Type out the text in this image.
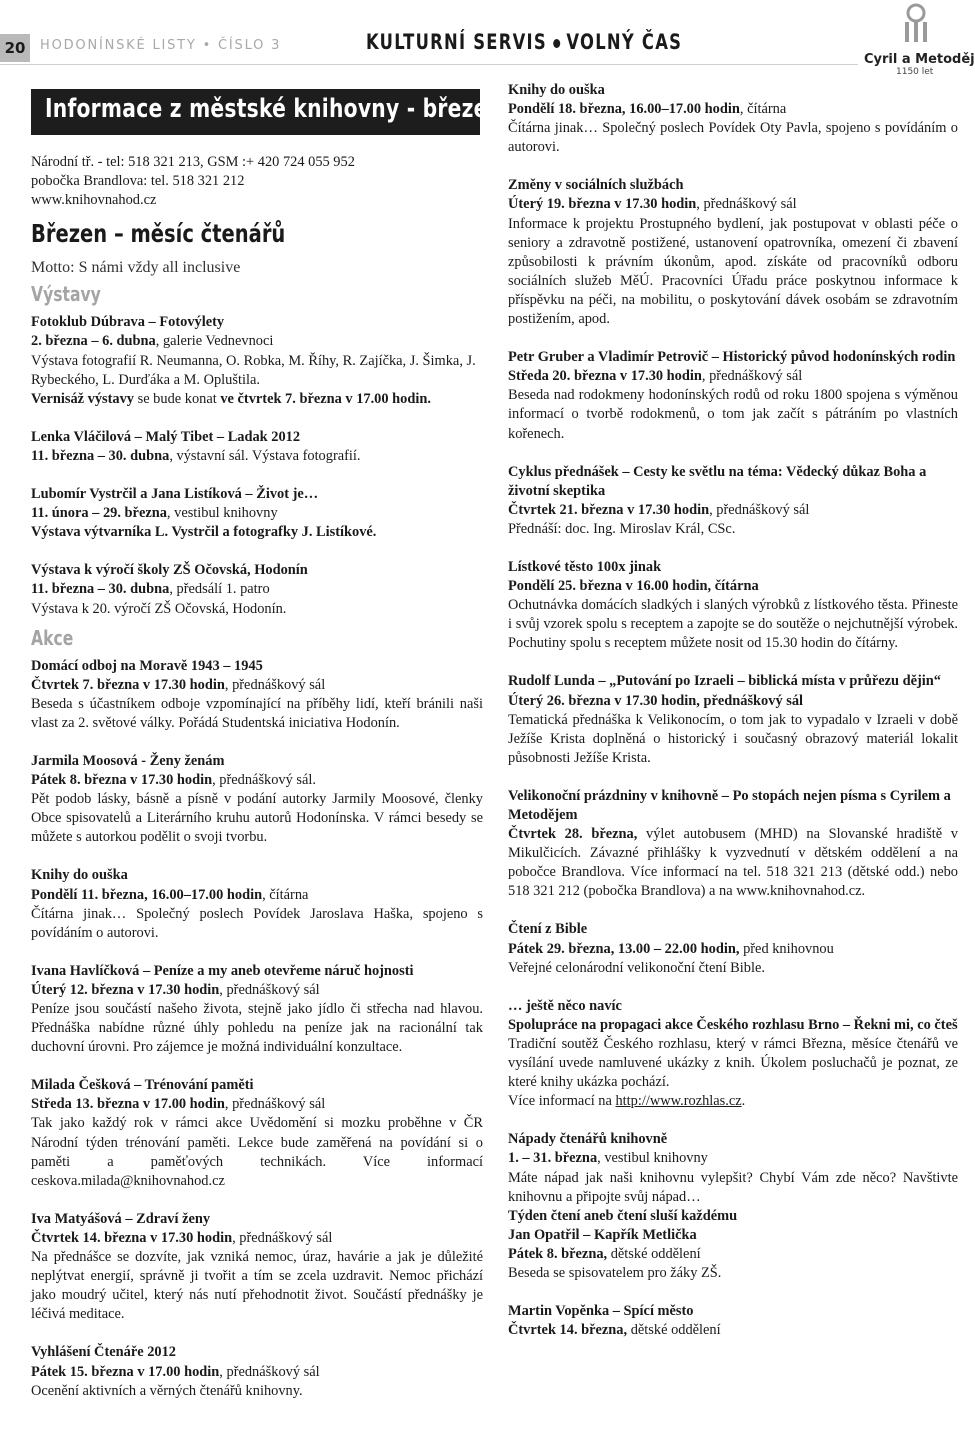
20	HODONÍNSKÉ LISTY • ČÍSLO 3	KULTURNÍ SERVIS VOLNÝ ČAS
Cyril a Metoděj
1150 let
Informace z městské knihovny - březen

Národní tř. - tel: 518 321 213, GSM :+ 420 724 055 952

pobočka Brandlova: tel. 518 321 212

www.knihovnahod.cz

Březen – měsíc čtenářů

Motto: S námi vždy all inclusive

Výstavy

Fotoklub Dúbrava – Fotovýlety

2. března – 6. dubna, galerie Vednevnoci

Výstava fotografií R. Neumanna, O. Robka, M. Říhy, R. Zajíčka, J. Šimka, J. Rybeckého, L. Durďáka a M. Opluštila.

Vernisáž výstavy se bude konat ve čtvrtek 7. března v 17.00 hodin.

Lenka Vláčilová – Malý Tibet – Ladak 2012

11. března – 30. dubna, výstavní sál. Výstava fotografií.

Lubomír Vystrčil a Jana Listíková – Život je…

11. února – 29. března, vestibul knihovny

Výstava výtvarníka L. Vystrčil a fotografky J. Listíkové.

Výstava k výročí školy ZŠ Očovská, Hodonín

11. března – 30. dubna, předsálí 1. patro

Výstava k 20. výročí ZŠ Očovská, Hodonín.

Akce

Domácí odboj na Moravě 1943 – 1945

Čtvrtek 7. března v 17.30 hodin, přednáškový sál

Beseda s účastníkem odboje vzpomínající na příběhy lidí, kteří bránili naši vlast za 2. světové války. Pořádá Studentská iniciativa Hodonín.

Jarmila Moosová - Ženy ženám

Pátek 8. března v 17.30 hodin, přednáškový sál.

Pět podob lásky, básně a písně v podání autorky Jarmily Moosové, členky Obce spisovatelů a Literárního kruhu autorů Hodonínska. V rámci besedy se můžete s autorkou podělit o svoji tvorbu.

Knihy do ouška

Pondělí 11. března, 16.00–17.00 hodin, čítárna

Čítárna jinak… Společný poslech Povídek Jaroslava Haška, spojeno s povídáním o autorovi.

Ivana Havlíčková – Peníze a my aneb otevřeme náruč hojnosti

Úterý 12. března v 17.30 hodin, přednáškový sál

Peníze jsou součástí našeho života, stejně jako jídlo či střecha nad hlavou. Přednáška nabídne různé úhly pohledu na peníze jak na racionální tak duchovní úrovni. Pro zájemce je možná individuální konzultace.

Milada Češková – Trénování paměti

Středa 13. března v 17.00 hodin, přednáškový sál

Tak jako každý rok v rámci akce Uvědomění si mozku proběhne v ČR Národní týden trénování paměti. Lekce bude zaměřená na povídání si o paměti a paměťových technikách. Více informací ceskova.milada@knihovnahod.cz

Iva Matyášová – Zdraví ženy

Čtvrtek 14. března v 17.30 hodin, přednáškový sál

Na přednášce se dozvíte, jak vzniká nemoc, úraz, havárie a jak je důležité neplýtvat energií, správně ji tvořit a tím se zcela uzdravit. Nemoc přichází jako moudrý učitel, který nás nutí přehodnotit život. Součástí přednášky je léčivá meditace.

Vyhlášení Čtenáře 2012

Pátek 15. března v 17.00 hodin, přednáškový sál

Ocenění aktivních a věrných čtenářů knihovny.

Knihy do ouška

Pondělí 18. března, 16.00–17.00 hodin, čítárna

Čítárna jinak… Společný poslech Povídek Oty Pavla, spojeno s povídáním o autorovi.

Změny v sociálních službách

Úterý 19. března v 17.30 hodin, přednáškový sál

Informace k projektu Prostupného bydlení, jak postupovat v oblasti péče o seniory a zdravotně postižené, ustanovení opatrovníka, omezení či zbavení způsobilosti k právním úkonům, apod. získáte od pracovníků odboru sociálních služeb MěÚ. Pracovníci Úřadu práce poskytnou informace k příspěvku na péči, na mobilitu, o poskytování dávek osobám se zdravotním postižením, apod.

Petr Gruber a Vladimír Petrovič – Historický původ hodonínských rodin

Středa 20. března v 17.30 hodin, přednáškový sál

Beseda nad rodokmeny hodonínských rodů od roku 1800 spojena s výměnou informací o tvorbě rodokmenů, o tom jak začít s pátráním po vlastních kořenech.

Cyklus přednášek – Cesty ke světlu na téma: Vědecký důkaz Boha a životní skeptika

Čtvrtek 21. března v 17.30 hodin, přednáškový sál

Přednáší: doc. Ing. Miroslav Král, CSc.

Lístkové těsto 100x jinak

Pondělí 25. března v 16.00 hodin, čítárna

Ochutnávka domácích sladkých i slaných výrobků z lístkového těsta. Přineste i svůj vzorek spolu s receptem a zapojte se do soutěže o nejchutnější výrobek. Pochutiny spolu s receptem můžete nosit od 15.30 hodin do čítárny.

Rudolf Lunda – „Putování po Izraeli – biblická místa v průřezu dějin“

Úterý 26. března v 17.30 hodin, přednáškový sál

Tematická přednáška k Velikonocím, o tom jak to vypadalo v Izraeli v době Ježíše Krista doplněná o historický i současný obrazový materiál lokalit působnosti Ježíše Krista.

Velikonoční prázdniny v knihovně – Po stopách nejen písma s Cyrilem a Metodějem

Čtvrtek 28. března, výlet autobusem (MHD) na Slovanské hradiště v Mikulčicích. Závazné přihlášky k vyzvednutí v dětském oddělení a na pobočce Brandlova. Více informací na tel. 518 321 213 (dětské odd.) nebo 518 321 212 (pobočka Brandlova) a na www.knihovnahod.cz.

Čtení z Bible

Pátek 29. března, 13.00 – 22.00 hodin, před knihovnou

Veřejné celonárodní velikonoční čtení Bible.

… ještě něco navíc

Spolupráce na propagaci akce Českého rozhlasu Brno – Řekni mi, co čteš

Tradiční soutěž Českého rozhlasu, který v rámci Března, měsíce čtenářů ve vysílání uvede namluvené ukázky z knih. Úkolem posluchačů je poznat, ze které knihy ukázka pochází.

Více informací na http://www.rozhlas.cz.

Nápady čtenářů knihovně

1. – 31. března, vestibul knihovny

Máte nápad jak naši knihovnu vylepšit? Chybí Vám zde něco? Navštivte knihovnu a připojte svůj nápad…

Týden čtení aneb čtení sluší každému

Jan Opatřil – Kapřík Metlička

Pátek 8. března, dětské oddělení

Beseda se spisovatelem pro žáky ZŠ.

Martin Vopěnka – Spící město

Čtvrtek 14. března, dětské oddělení
